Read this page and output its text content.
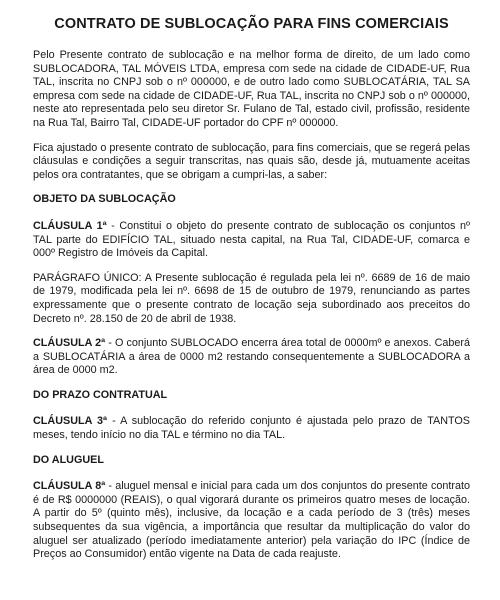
CONTRATO DE SUBLOCAÇÃO PARA FINS COMERCIAIS

Pelo Presente contrato de sublocação e na melhor forma de direito, de um lado como SUBLOCADORA, TAL MÓVEIS LTDA, empresa com sede na cidade de CIDADE-UF, Rua TAL, inscrita no CNPJ sob o nº 000000, e de outro lado como SUBLOCATÁRIA, TAL SA empresa com sede na cidade de CIDADE-UF, Rua TAL, inscrita no CNPJ sob o nº 000000, neste ato representada pelo seu diretor Sr. Fulano de Tal, estado civil, profissão, residente na Rua Tal, Bairro Tal, CIDADE-UF portador do CPF nº 000000.

Fica ajustado o presente contrato de sublocação, para fins comerciais, que se regerá pelas cláusulas e condições a seguir transcritas, nas quais são, desde já, mutuamente aceitas pelos ora contratantes, que se obrigam a cumpri-las, a saber:

OBJETO DA SUBLOCAÇÃO

CLÁUSULA 1ª - Constitui o objeto do presente contrato de sublocação os conjuntos nº TAL parte do EDIFÍCIO TAL, situado nesta capital, na Rua Tal, CIDADE-UF, comarca e 000º Registro de Imóveis da Capital.

PARÁGRAFO ÚNICO: A Presente sublocação é regulada pela lei nº. 6689 de 16 de maio de 1979, modificada pela lei nº. 6698 de 15 de outubro de 1979, renunciando as partes expressamente que o presente contrato de locação seja subordinado aos preceitos do Decreto nº. 28.150 de 20 de abril de 1938.

CLÁUSULA 2ª - O conjunto SUBLOCADO encerra área total de 0000mº e anexos. Caberá a SUBLOCATÁRIA a área de 0000 m2 restando consequentemente a SUBLOCADORA a área de 0000 m2.

DO PRAZO CONTRATUAL

CLÁUSULA 3ª - A sublocação do referido conjunto é ajustada pelo prazo de TANTOS meses, tendo início no dia TAL e término no dia TAL.

DO ALUGUEL

CLÁUSULA 8ª - aluguel mensal e inicial para cada um dos conjuntos do presente contrato é de R$ 0000000 (REAIS), o qual vigorará durante os primeiros quatro meses de locação. A partir do 5º (quinto mês), inclusive, da locação e a cada período de 3 (três) meses subsequentes da sua vigência, a importância que resultar da multiplicação do valor do aluguel ser atualizado (período imediatamente anterior) pela variação do IPC (Índice de Preços ao Consumidor) então vigente na Data de cada reajuste.
